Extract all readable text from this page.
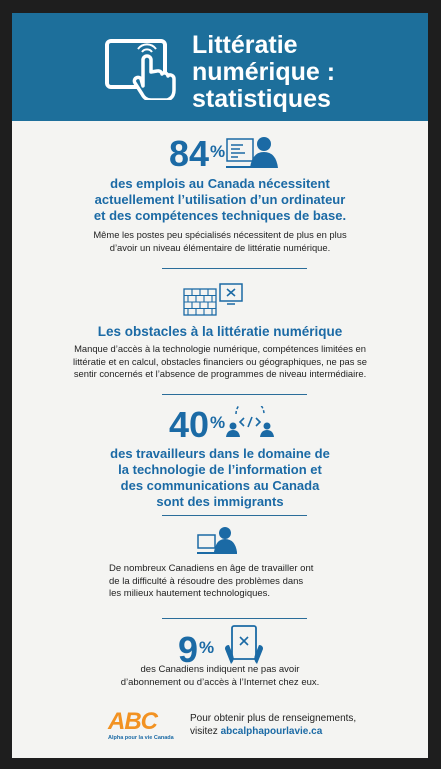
Littératie
numérique :
statistiques
84%
des emplois au Canada nécessitent
actuellement l’utilisation d’un ordinateur
et des compétences techniques de base.
Même les postes peu spécialisés nécessitent de plus en plus
d’avoir un niveau élémentaire de littératie numérique.
Les obstacles à la littératie numérique
Manque d’accès à la technologie numérique, compétences limitées en
littératie et en calcul, obstacles financiers ou géographiques, ne pas se
sentir concernés et l’absence de programmes de niveau intermédiaire.
40%
des travailleurs dans le domaine de
la technologie de l’information et
des communications au Canada
sont des immigrants
De nombreux Canadiens en âge de travailler ont
de la difficulté à résoudre des problèmes dans
les milieux hautement technologiques.
9%
des Canadiens indiquent ne pas avoir
d’abonnement ou d’accès à l’Internet chez eux.
ABC
Alpha pour la vie Canada
Pour obtenir plus de renseignements,
visitez abcalphapourlavie.ca
